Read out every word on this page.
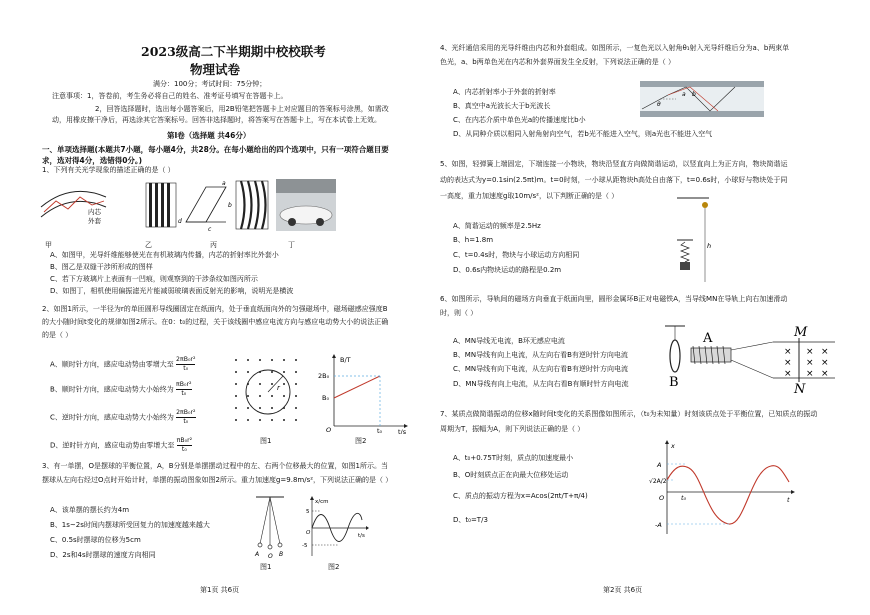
2023级高二下半期期中校校联考
物理试卷
满分：100分；考试时间：75分钟；
注意事项：1，答卷前，考生务必将自己的姓名、准考证号填写在答题卡上。
2，回答选择题时，选出每小题答案后，用2B铅笔把答题卡上对应题目的答案标号涂黑，如需改
动，用橡皮擦干净后，再选涂其它答案标号。回答非选择题时，将答案写在答题卡上，写在本试卷上无效。
第I卷（选择题 共46分）
一、单项选择题(本题共7小题，每小题4分，共28分。在每小题给出的四个选项中，只有一项符合题目要
求，选对得4分，选错得0分。)
1、下列有关光学现象的描述正确的是（ ）
内芯
外套
a
b
c
d
甲	乙	丙	丁
A、如图甲，光导纤维能够使光在有机玻璃内传播，内芯的折射率比外套小
B、图乙是双缝干涉所形成的图样
C、若下方玻璃片上表面有一凹痕，则观察到的干涉条纹如图丙所示
D、如图丁，相机使用偏振滤光片能减弱玻璃表面反射光的影响，说明光是横波
2、如图1所示，一半径为r的单匝圆形导线圈固定在纸面内，处于垂直纸面向外的匀强磁场中，磁场磁感应强度B
的大小随时间t变化的规律如图2所示。在0：t₀的过程，关于该线圈中感应电流方向与感应电动势大小的说法正确
的是（ ）
A、顺时针方向，感应电动势由零增大至 $\frac{\text{2πB₀r²}}{\text{t₀}}$
B、顺时针方向，感应电动势大小始终为 $\frac{\text{πB₀r²}}{\text{t₀}}$
C、逆时针方向，感应电动势大小始终为 $\frac{\text{2πB₀r²}}{\text{t₀}}$
D、逆时针方向，感应电动势由零增大至 $\frac{\text{πB₀r²}}{\text{t₀}}$
r
图1
B/T
2B₀
B₀
O	t₀ t/s
图2
3、有一单摆，O是摆球的平衡位置，A，B分别是单摆摆动过程中的左、右两个位移最大的位置，如图1所示。当
摆球从左向右经过O点时开始计时，单摆的振动图象如图2所示。重力加速度g=9.8m/s²，下列说法正确的是（ ）
A、该单摆的摆长约为4m
B、1s~2s时间内摆球所受回复力的加速度越来越大
C、0.5s时摆球的位移为5cm
D、2s和4s时摆球的速度方向相同	A O B
图1
x/cm
5
-5
O	t/s
图2
第1页 共6页
4、光纤通信采用的光导纤维由内芯和外套组成。如图所示，一复色光以入射角θ₁射入光导纤维后分为a、b两束单
色光，a、b两单色光在内芯和外套界面发生全反射，下列说法正确的是（ ）
θ
a b
A、内芯折射率小于外套的折射率
B、真空中a光波长大于b光波长
C、在内芯介质中单色光a的传播速度比b小
D、从同种介质以相同入射角射向空气，若b光不能进入空气，则a光也不能进入空气
5、如图，轻弹簧上端固定，下端连接一小物块，物块沿竖直方向做简谐运动，以竖直向上为正方向，物块简谐运
动的表达式为y=0.1sin(2.5πt)m。t=0时刻，一小球从距物块h高处自由落下，t=0.6s时，小球好与物块处于同
一高度，重力加速度g取10m/s²，以下判断正确的是（ ）
A、简谐运动的频率是2.5Hz
B、h=1.8m
C、t=0.4s时，物块与小球运动方向相同
D、0.6s内物块运动的路程是0.2m
h
6、如图所示，导轨间的磁场方向垂直于纸面向里，圆形金属环B正对电磁铁A，当导线MN在导轨上向右加速滑动
时，则（ ）
A、MN导线无电流，B环无感应电流
B、MN导线有向上电流，从左向右看B有逆时针方向电流
C、MN导线有向下电流，从左向右看B有逆时针方向电流
D、MN导线有向上电流，从左向右看B有顺时针方向电流	B
A	M
N
× × ×
× × ×
× × ×
7、某质点做简谐振动的位移x随时间t变化的关系图像如图所示，（t₀为未知量）时刻该质点处于平衡位置，已知质点的振动
周期为T，振幅为A，则下列说法正确的是（ ）
A、t₀+0.75T时刻，质点的加速度最小
B、O时刻质点正在向最大位移处运动
C、质点的振动方程为x=Acos(2πt/T+π/4)
D、t₀=T/3
x
A
√2A/2
-A
O	t₀	t
第2页 共6页
